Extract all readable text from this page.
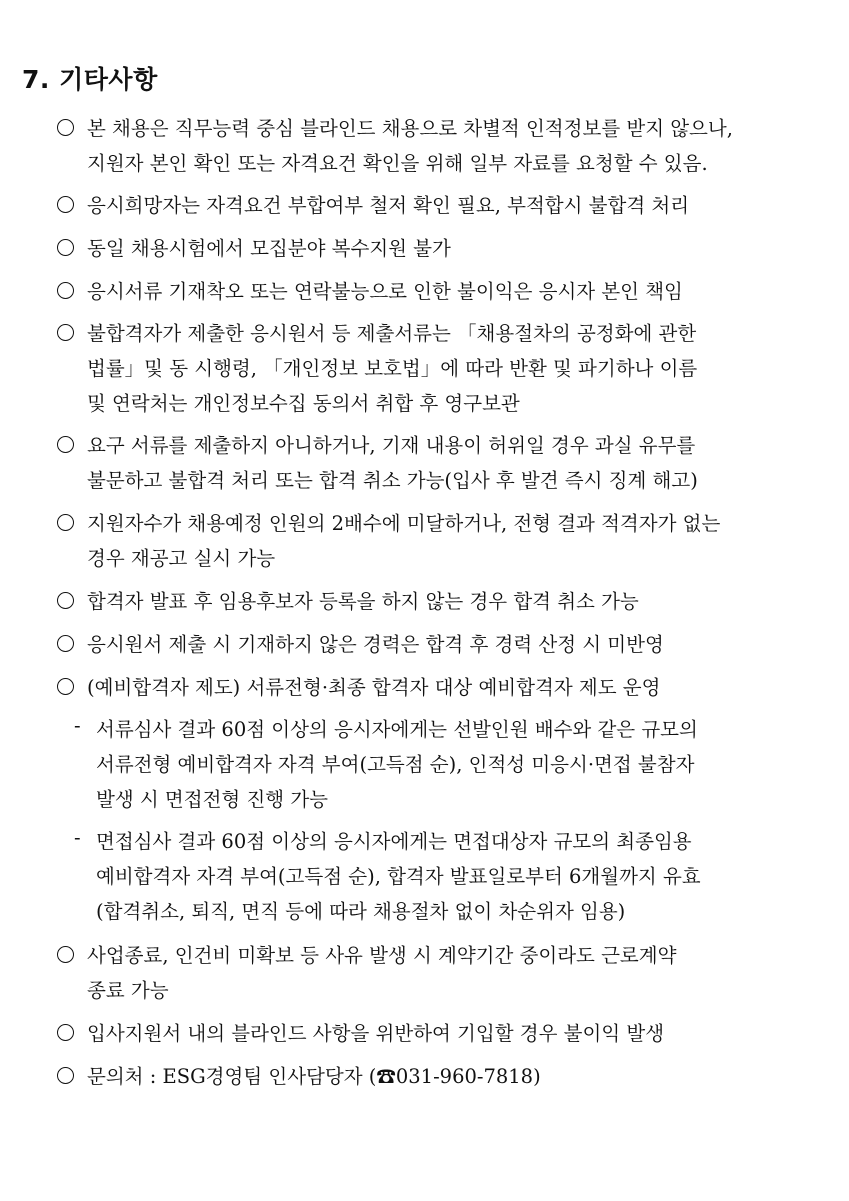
7. 기타사항
본 채용은 직무능력 중심 블라인드 채용으로 차별적 인적정보를 받지 않으나,
지원자 본인 확인 또는 자격요건 확인을 위해 일부 자료를 요청할 수 있음.
응시희망자는 자격요건 부합여부 철저 확인 필요, 부적합시 불합격 처리
동일 채용시험에서 모집분야 복수지원 불가
응시서류 기재착오 또는 연락불능으로 인한 불이익은 응시자 본인 책임
불합격자가 제출한 응시원서 등 제출서류는 「채용절차의 공정화에 관한
법률」및 동 시행령, 「개인정보 보호법」에 따라 반환 및 파기하나 이름
및 연락처는 개인정보수집 동의서 취합 후 영구보관
요구 서류를 제출하지 아니하거나, 기재 내용이 허위일 경우 과실 유무를
불문하고 불합격 처리 또는 합격 취소 가능(입사 후 발견 즉시 징계 해고)
지원자수가 채용예정 인원의 2배수에 미달하거나, 전형 결과 적격자가 없는
경우 재공고 실시 가능
합격자 발표 후 임용후보자 등록을 하지 않는 경우 합격 취소 가능
응시원서 제출 시 기재하지 않은 경력은 합격 후 경력 산정 시 미반영
(예비합격자 제도) 서류전형·최종 합격자 대상 예비합격자 제도 운영
- 서류심사 결과 60점 이상의 응시자에게는 선발인원 배수와 같은 규모의
서류전형 예비합격자 자격 부여(고득점 순), 인적성 미응시·면접 불참자
발생 시 면접전형 진행 가능
- 면접심사 결과 60점 이상의 응시자에게는 면접대상자 규모의 최종임용
예비합격자 자격 부여(고득점 순), 합격자 발표일로부터 6개월까지 유효
(합격취소, 퇴직, 면직 등에 따라 채용절차 없이 차순위자 임용)
사업종료, 인건비 미확보 등 사유 발생 시 계약기간 중이라도 근로계약
종료 가능
입사지원서 내의 블라인드 사항을 위반하여 기입할 경우 불이익 발생
문의처 : ESG경영팀 인사담당자 (☎031-960-7818)
